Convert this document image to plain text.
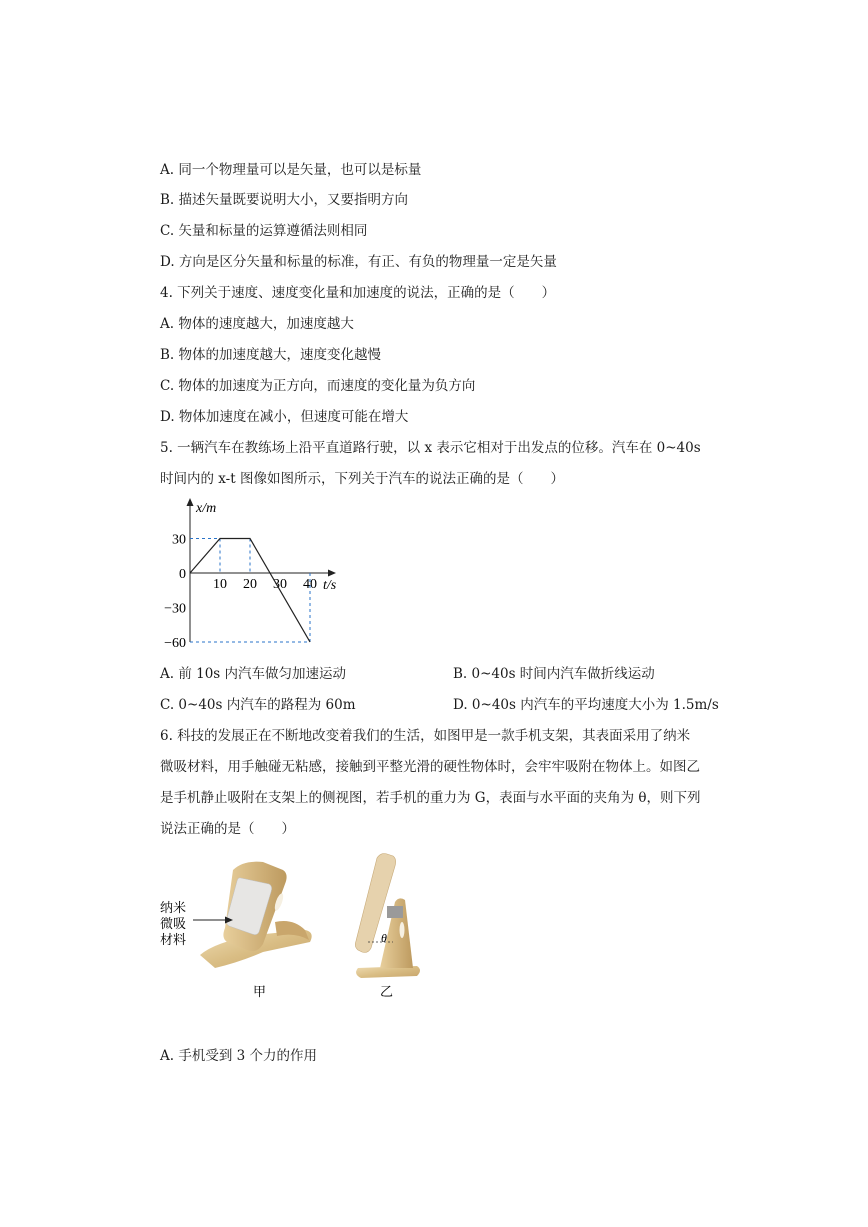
A. 同一个物理量可以是矢量，也可以是标量
B. 描述矢量既要说明大小，又要指明方向
C. 矢量和标量的运算遵循法则相同
D. 方向是区分矢量和标量的标准，有正、有负的物理量一定是矢量
4. 下列关于速度、速度变化量和加速度的说法，正确的是（　　）
A. 物体的速度越大，加速度越大
B. 物体的加速度越大，速度变化越慢
C. 物体的加速度为正方向，而速度的变化量为负方向
D. 物体加速度在减小，但速度可能在增大
5. 一辆汽车在教练场上沿平直道路行驶，以 x 表示它相对于出发点的位移。汽车在 0~40s
时间内的 x-t 图像如图所示，下列关于汽车的说法正确的是（　　）
x/m
t/s
10 20 30 40
30
0
−30
−60
A. 前 10s 内汽车做匀加速运动	B. 0~40s 时间内汽车做折线运动
C. 0~40s 内汽车的路程为 60m	D. 0~40s 内汽车的平均速度大小为 1.5m/s
6. 科技的发展正在不断地改变着我们的生活，如图甲是一款手机支架，其表面采用了纳米
微吸材料，用手触碰无粘感，接触到平整光滑的硬性物体时，会牢牢吸附在物体上。如图乙
是手机静止吸附在支架上的侧视图，若手机的重力为 G，表面与水平面的夹角为 θ，则下列
说法正确的是（　　）
纳米
微吸
材料
甲
θ
乙
A. 手机受到 3 个力的作用
